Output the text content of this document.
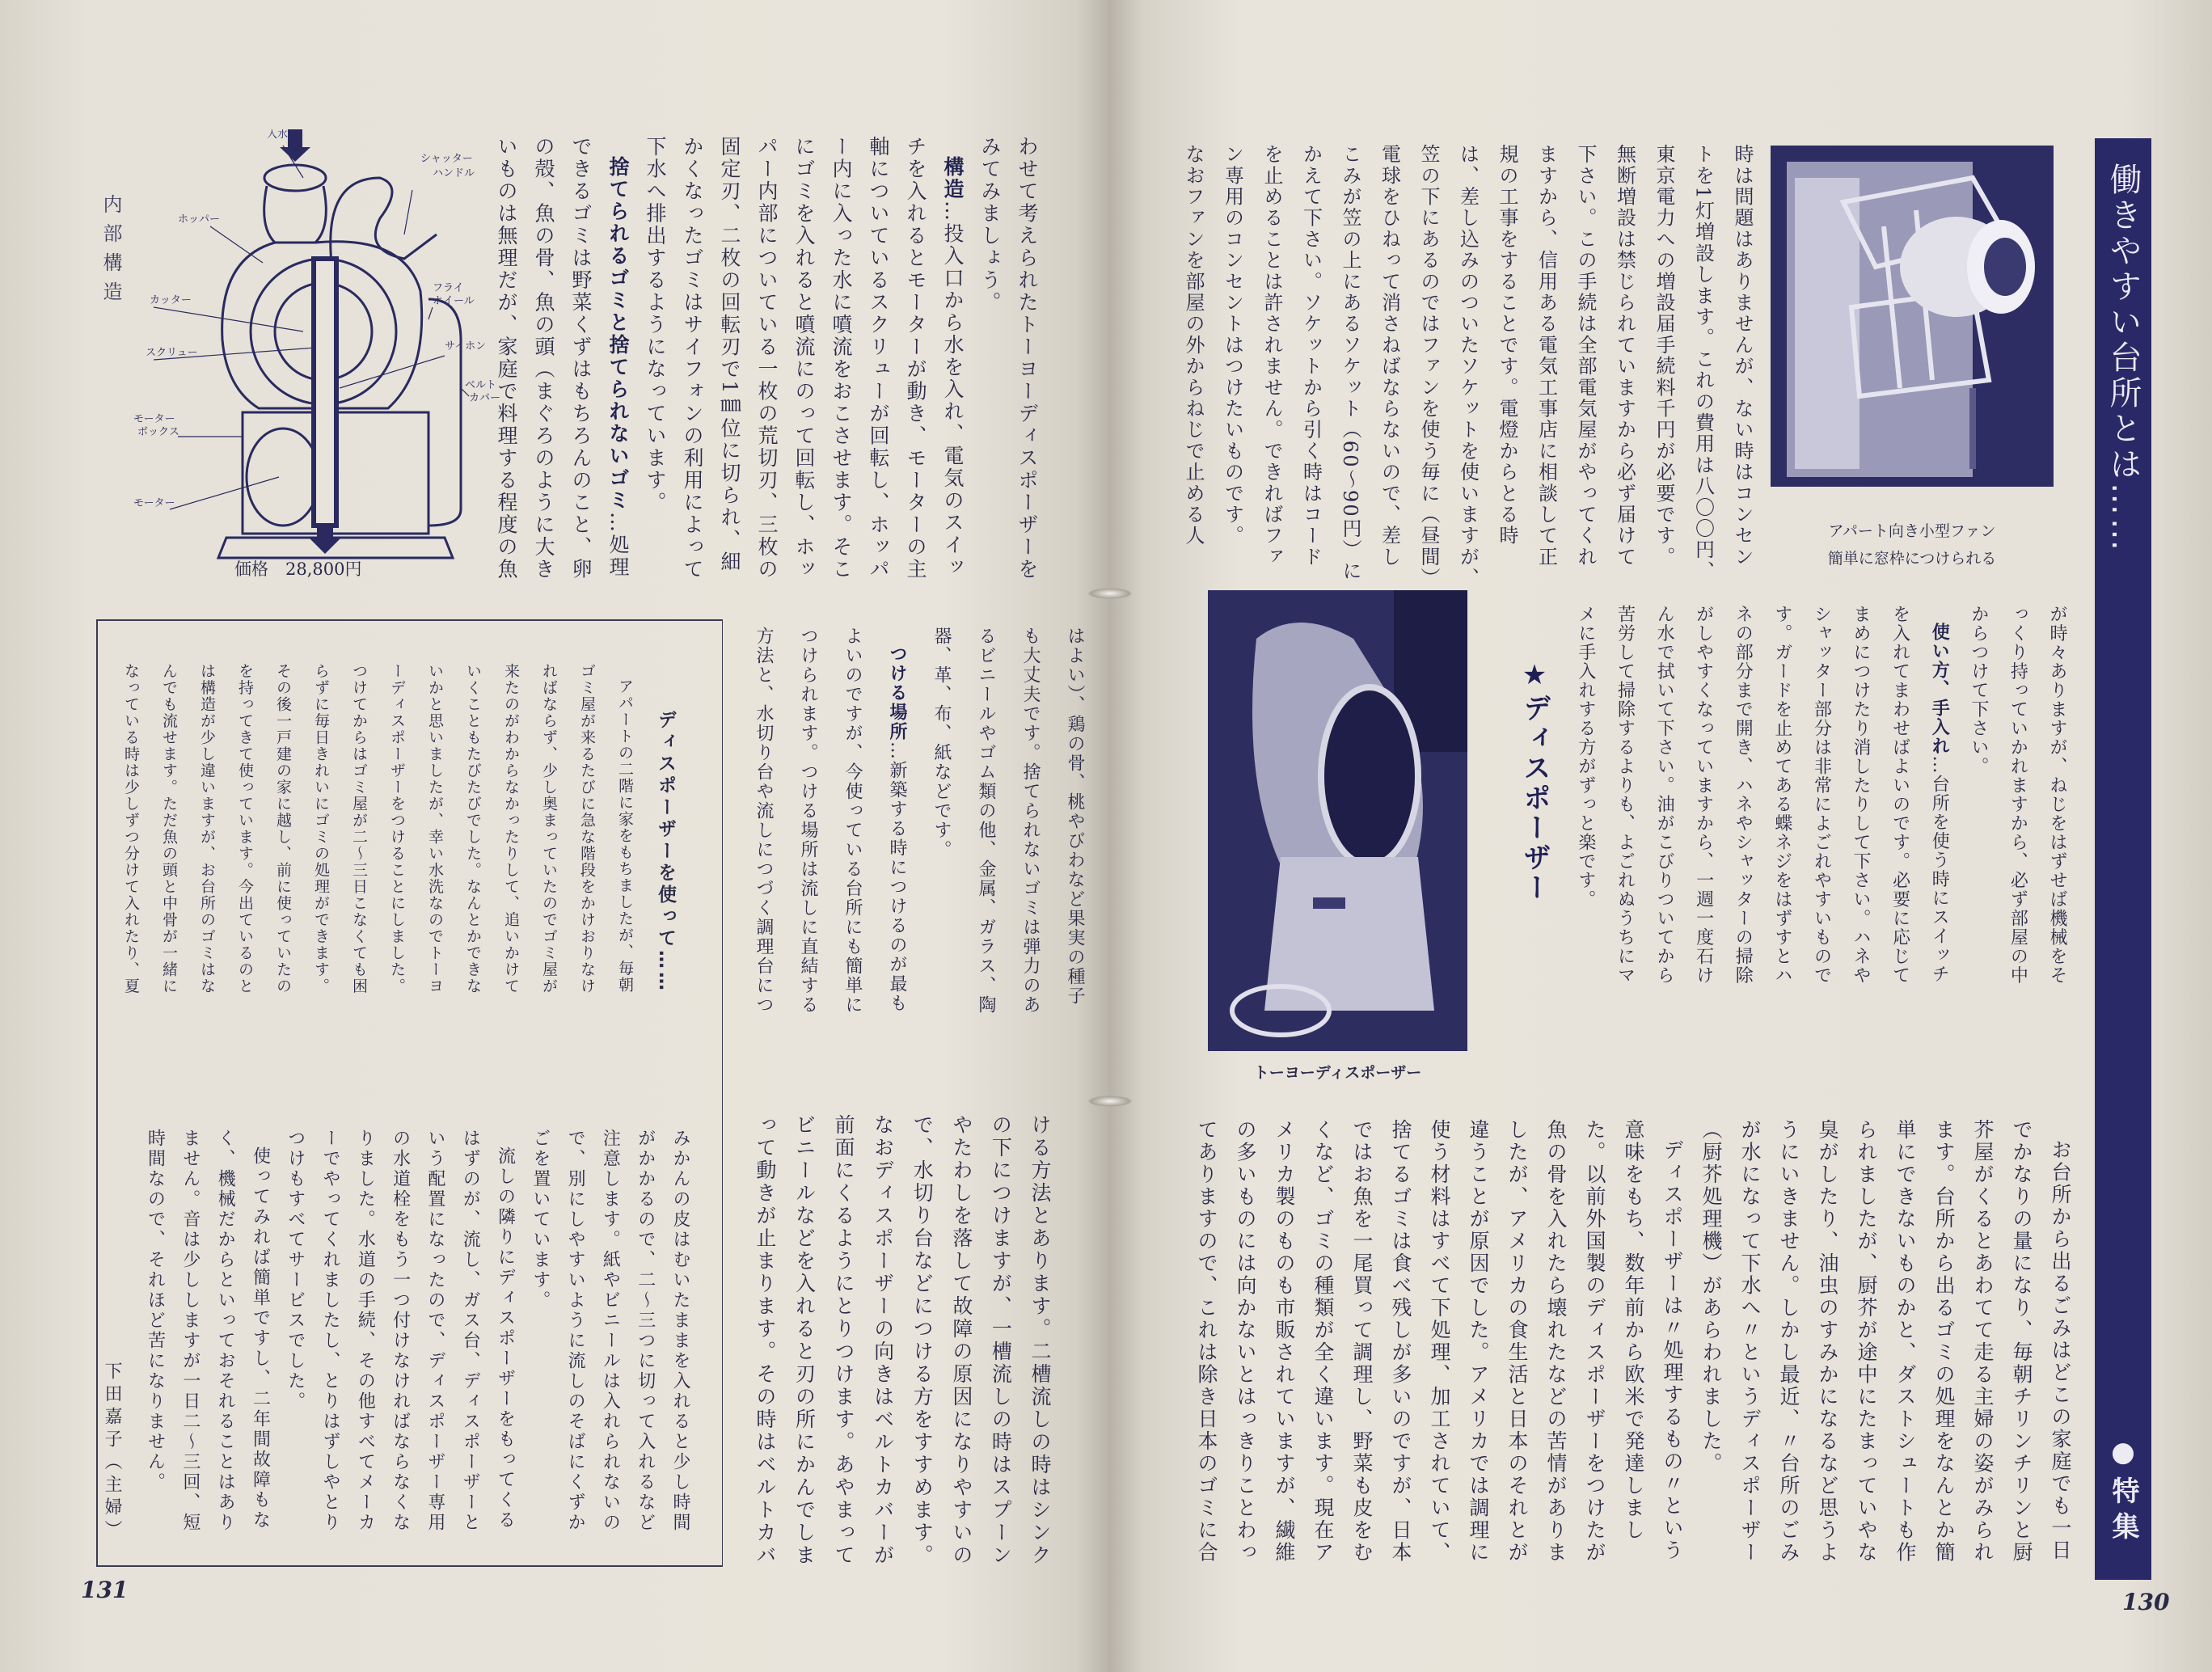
内部構造
入水口
シャッター
ハンドル
ホッパー
フライ
ホイール
カッター
サイホン
スクリュー
ベルト
カバー
モーター
ボックス
モーター
価格　28,800円	わせて考えられたトーヨーディスポーザーを
みてみましょう。
構造…投入口から水を入れ、電気のスイッ
チを入れるとモーターが動き、モーターの主
軸についているスクリューが回転し、ホッパ
ー内に入った水に噴流をおこさせます。そこ
にゴミを入れると噴流にのって回転し、ホッ
パー内部についている一枚の荒切刃、三枚の
固定刃、二枚の回転刃で1㎜位に切られ、細
かくなったゴミはサイフォンの利用によって
下水へ排出するようになっています。
捨てられるゴミと捨てられないゴミ…処理
できるゴミは野菜くずはもちろんのこと、卵
の殻、魚の骨、魚の頭（まぐろのように大き
いものは無理だが、家庭で料理する程度の魚
はよい）、鶏の骨、桃やびわなど果実の種子
も大丈夫です。捨てられないゴミは弾力のあ
るビニールやゴム類の他、金属、ガラス、陶
器、革、布、紙などです。
つける場所…新築する時につけるのが最も
よいのですが、今使っている台所にも簡単に
つけられます。つける場所は流しに直結する
方法と、水切り台や流しにつづく調理台につ
ける方法とあります。二槽流しの時はシンク
の下につけますが、一槽流しの時はスプーン
やたわしを落して故障の原因になりやすいの
で、水切り台などにつける方をすすめます。
なおディスポーザーの向きはベルトカバーが
前面にくるようにとりつけます。あやまって
ビニールなどを入れると刃の所にかんでしま
って動きが止まります。その時はベルトカバ
ディスポーザーを使って……
アパートの二階に家をもちましたが、毎朝
ゴミ屋が来るたびに急な階段をかけおりなけ
ればならず、少し奥まっていたのでゴミ屋が
来たのがわからなかったりして、追いかけて
いくこともたびたびでした。なんとかできな
いかと思いましたが、幸い水洗なのでトーヨ
ーディスポーザーをつけることにしました。
つけてからはゴミ屋が二〜三日こなくても困
らずに毎日きれいにゴミの処理ができます。
その後一戸建の家に越し、前に使っていたの
を持ってきて使っています。今出ているのと
は構造が少し違いますが、お台所のゴミはな
んでも流せます。ただ魚の頭と中骨が一緒に
なっている時は少しずつ分けて入れたり、夏
みかんの皮はむいたままを入れると少し時間
がかかるので、二〜三つに切って入れるなど
注意します。紙やビニールは入れられないの
で、別にしやすいように流しのそばにくずか
ごを置いています。
流しの隣りにディスポーザーをもってくる
はずのが、流し、ガス台、ディスポーザーと
いう配置になったので、ディスポーザー専用
の水道栓をもう一つ付けなければならなくな
りました。水道の手続、その他すべてメーカ
ーでやってくれましたし、とりはずしやとり
つけもすべてサービスでした。
使ってみれば簡単ですし、二年間故障もな
く、機械だからといっておそれることはあり
ません。音は少ししますが一日二〜三回、短
時間なので、それほど苦になりません。
下田嘉子（主婦）
131
アパート向き小型ファン
簡単に窓枠につけられる
トーヨーディスポーザー
時は問題はありませんが、ない時はコンセン
トを1灯増設します。これの費用は八〇〇円、
東京電力への増設届手続料千円が必要です。
無断増設は禁じられていますから必ず届けて
下さい。この手続は全部電気屋がやってくれ
ますから、信用ある電気工事店に相談して正
規の工事をすることです。電燈からとる時
は、差し込みのついたソケットを使いますが、
笠の下にあるのではファンを使う毎に（昼間）
電球をひねって消さねばならないので、差し
こみが笠の上にあるソケット（60〜90円）に
かえて下さい。ソケットから引く時はコード
を止めることは許されません。できればファ
ン専用のコンセントはつけたいものです。
なおファンを部屋の外からねじで止める人
が時々ありますが、ねじをはずせば機械をそ
っくり持っていかれますから、必ず部屋の中
からつけて下さい。
使い方、手入れ…台所を使う時にスイッチ
を入れてまわせばよいのです。必要に応じて
まめにつけたり消したりして下さい。ハネや
シャッター部分は非常によごれやすいもので
す。ガードを止めてある蝶ネジをはずすとハ
ネの部分まで開き、ハネやシャッターの掃除
がしやすくなっていますから、一週一度石け
ん水で拭いて下さい。油がこびりついてから
苦労して掃除するよりも、よごれぬうちにマ
メに手入れする方がずっと楽です。
★ディスポーザー
お台所から出るごみはどこの家庭でも一日
でかなりの量になり、毎朝チリンチリンと厨
芥屋がくるとあわてて走る主婦の姿がみられ
ます。台所から出るゴミの処理をなんとか簡
単にできないものかと、ダストシュートも作
られましたが、厨芥が途中にたまっていやな
臭がしたり、油虫のすみかになるなど思うよ
うにいきません。しかし最近、〃台所のごみ
が水になって下水へ〃というディスポーザー
（厨芥処理機）があらわれました。
ディスポーザーは〃処理するもの〃という
意味をもち、数年前から欧米で発達しまし
た。以前外国製のディスポーザーをつけたが
魚の骨を入れたら壊れたなどの苦情がありま
したが、アメリカの食生活と日本のそれとが
違うことが原因でした。アメリカでは調理に
使う材料はすべて下処理、加工されていて、
捨てるゴミは食べ残しが多いのですが、日本
ではお魚を一尾買って調理し、野菜も皮をむ
くなど、ゴミの種類が全く違います。現在ア
メリカ製のものも市販されていますが、繊維
の多いものには向かないとはっきりことわっ
てありますので、これは除き日本のゴミに合
働きやすい台所とは……
●特集
130
